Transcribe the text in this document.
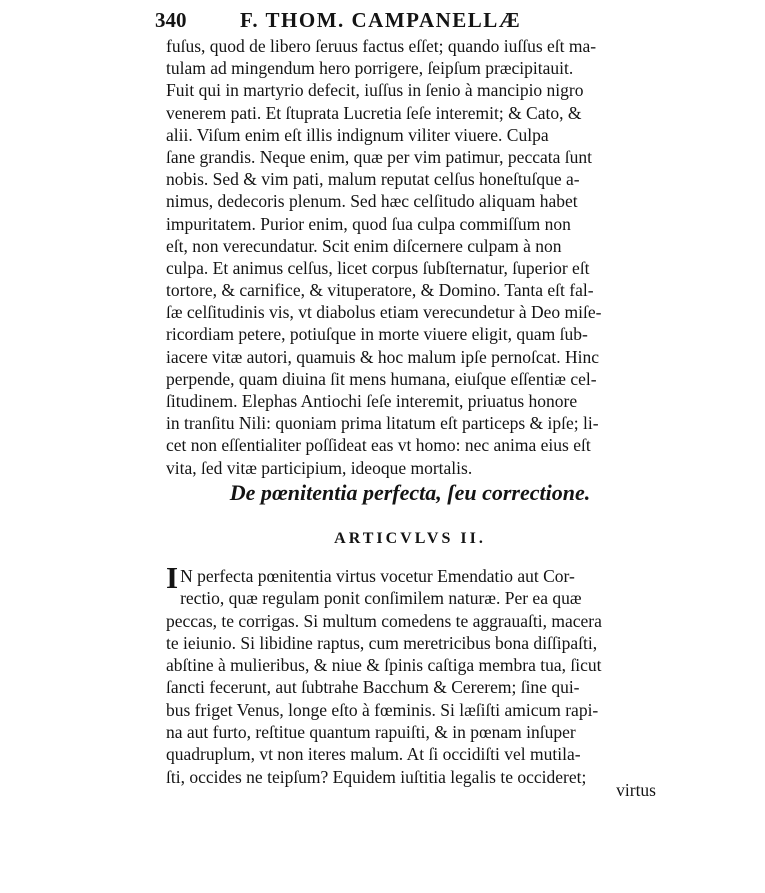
340	F. THOM. CAMPANELLÆ
fuſus, quod de libero ſeruus factus eſſet; quando iuſſus eſt ma-
tulam ad mingendum hero porrigere, ſeipſum præcipitauit.
Fuit qui in martyrio defecit, iuſſus in ſenio à mancipio nigro
venerem pati. Et ſtuprata Lucretia ſeſe interemit; & Cato, &
alii. Viſum enim eſt illis indignum viliter viuere. Culpa
ſane grandis. Neque enim, quæ per vim patimur, peccata ſunt
nobis. Sed & vim pati, malum reputat celſus honeſtuſque a-
nimus, dedecoris plenum. Sed hæc celſitudo aliquam habet
impuritatem. Purior enim, quod ſua culpa commiſſum non
eſt, non verecundatur. Scit enim diſcernere culpam à non
culpa. Et animus celſus, licet corpus ſubſternatur, ſuperior eſt
tortore, & carnifice, & vituperatore, & Domino. Tanta eſt fal-
ſæ celſitudinis vis, vt diabolus etiam verecundetur à Deo miſe-
ricordiam petere, potiuſque in morte viuere eligit, quam ſub-
iacere vitæ autori, quamuis & hoc malum ipſe pernoſcat. Hinc
perpende, quam diuina ſit mens humana, eiuſque eſſentiæ cel-
ſitudinem. Elephas Antiochi ſeſe interemit, priuatus honore
in tranſitu Nili: quoniam prima litatum eſt particeps & ipſe; li-
cet non eſſentialiter poſſideat eas vt homo: nec anima eius eſt
vita, ſed vitæ participium, ideoque mortalis.
De pœnitentia perfecta, ſeu correctione.
ARTICVLVS II.
I N perfecta pœnitentia virtus vocetur Emendatio aut Cor-
rectio, quæ regulam ponit conſimilem naturæ. Per ea quæ
peccas, te corrigas. Si multum comedens te aggrauaſti, macera
te ieiunio. Si libidine raptus, cum meretricibus bona diſſipaſti,
abſtine à mulieribus, & niue & ſpinis caſtiga membra tua, ſicut
ſancti fecerunt, aut ſubtrahe Bacchum & Cererem; ſine qui-
bus friget Venus, longe eſto à fœminis. Si læſiſti amicum rapi-
na aut furto, reſtitue quantum rapuiſti, & in pœnam inſuper
quadruplum, vt non iteres malum. At ſi occidiſti vel mutila-
ſti, occides ne teipſum? Equidem iuſtitia legalis te occideret;
virtus
